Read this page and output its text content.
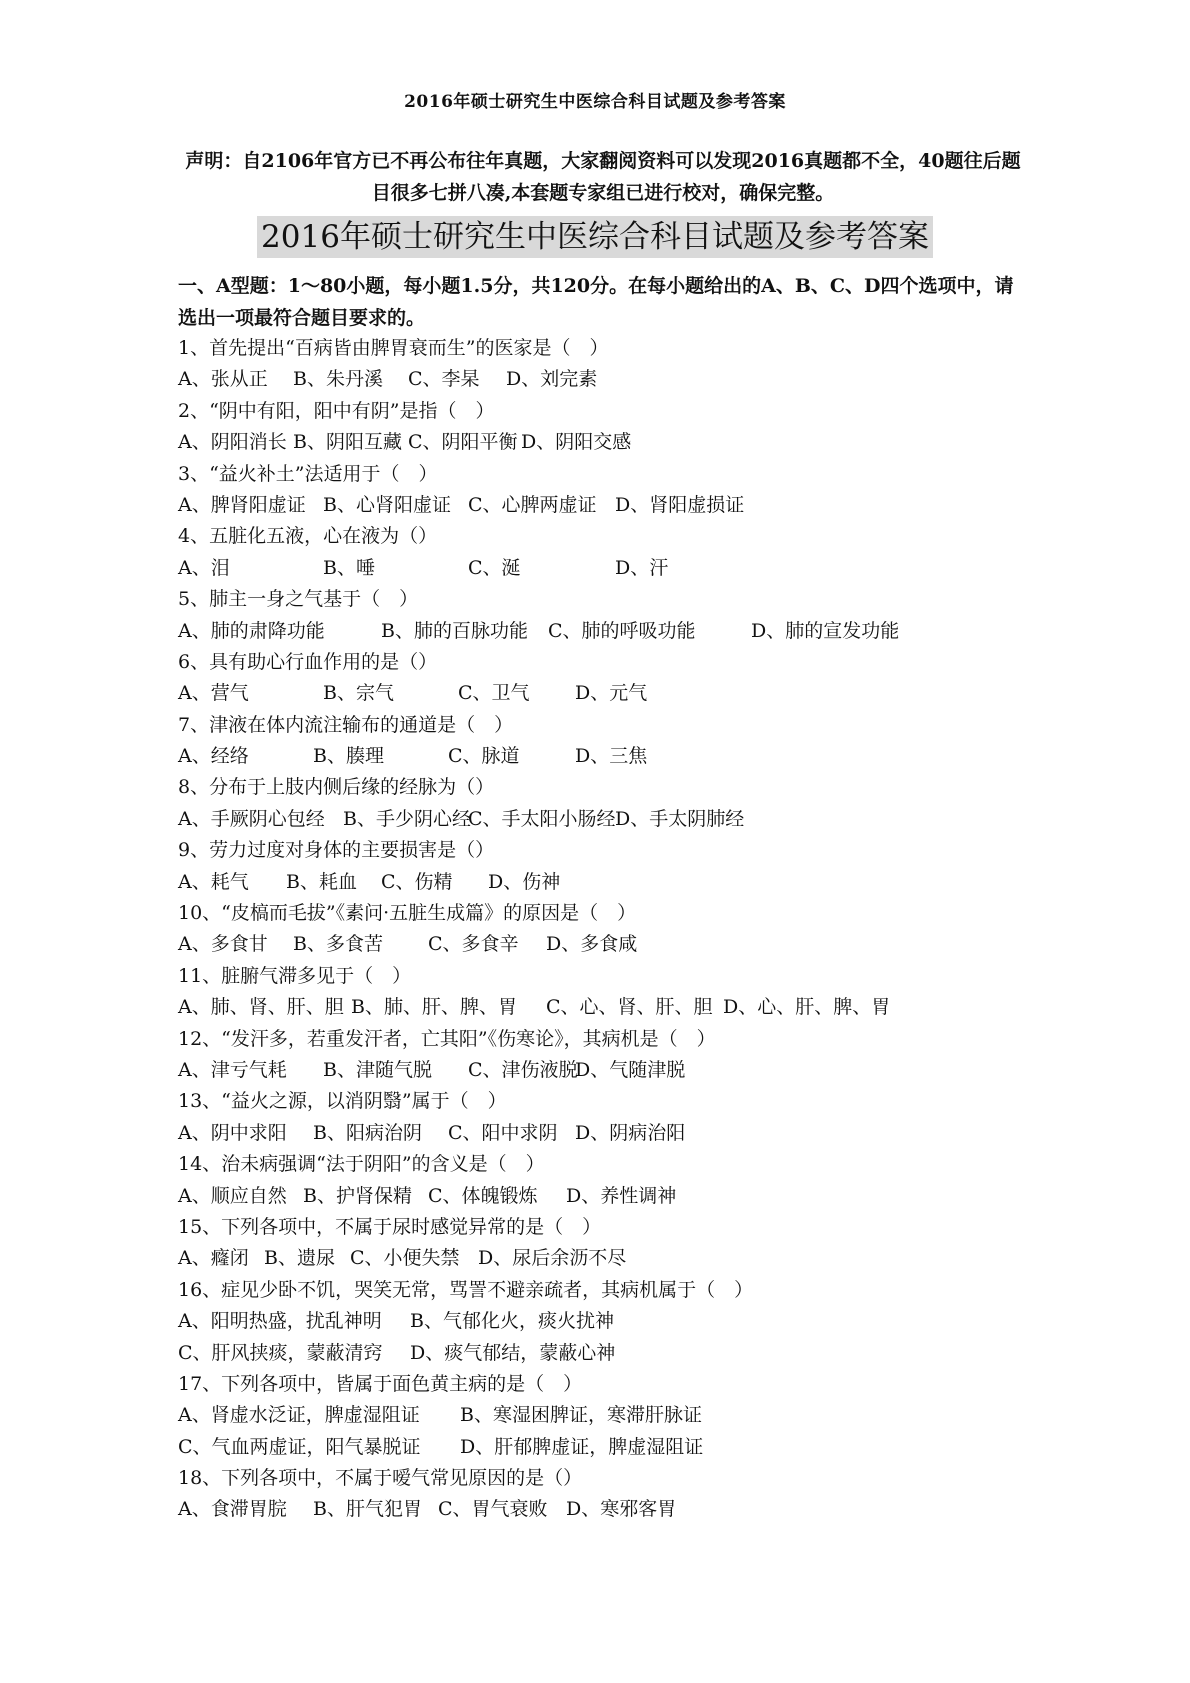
2016年硕士研究生中医综合科目试题及参考答案
声明：自2106年官方已不再公布往年真题，大家翻阅资料可以发现2016真题都不全，40题往后题目很多七拼八凑,本套题专家组已进行校对，确保完整。
2016年硕士研究生中医综合科目试题及参考答案
一、A型题：1～80小题，每小题1.5分，共120分。在每小题给出的A、B、C、D四个选项中，请选出一项最符合题目要求的。
1、首先提出“百病皆由脾胃衰而生”的医家是（　）
A、张从正 B、朱丹溪 C、李杲 D、刘完素
2、“阴中有阳，阳中有阴”是指（　）
A、阴阳消长 B、阴阳互藏 C、阴阳平衡 D、阴阳交感
3、“益火补土”法适用于（　）
A、脾肾阳虚证 B、心肾阳虚证 C、心脾两虚证 D、肾阳虚损证
4、五脏化五液，心在液为（）
A、泪	B、唾	C、涎	D、汗
5、肺主一身之气基于（　）
A、肺的肃降功能	B、肺的百脉功能 C、肺的呼吸功能	D、肺的宣发功能
6、具有助心行血作用的是（）
A、营气	B、宗气	C、卫气 D、元气
7、津液在体内流注输布的通道是（　）
A、经络	B、腠理	C、脉道	D、三焦
8、分布于上肢内侧后缘的经脉为（）
A、手厥阴心包经 B、手少阴心经
C、手太阳小肠经 D、手太阴肺经
9、劳力过度对身体的主要损害是（）
A、耗气 B、耗血 C、伤精 D、伤神
10、“皮槁而毛拔”《素问·五脏生成篇》的原因是（　）
A、多食甘 B、多食苦 C、多食辛 D、多食咸
11、脏腑气滞多见于（　）
A、肺、肾、肝、胆 B、肺、肝、脾、胃 C、心、肾、肝、胆 D、心、肝、脾、胃
12、“发汗多，若重发汗者，亡其阳”《伤寒论》，其病机是（　）
A、津亏气耗 B、津随气脱 C、津伤液脱
D、气随津脱
13、“益火之源，以消阴翳”属于（　）
A、阴中求阳 B、阳病治阴 C、阳中求阴 D、阴病治阳
14、治未病强调“法于阴阳”的含义是（　）
A、顺应自然 B、护肾保精 C、体魄锻炼 D、养性调神
15、下列各项中，不属于尿时感觉异常的是（　）
A、癃闭 B、遗尿 C、小便失禁 D、尿后余沥不尽
16、症见少卧不饥，哭笑无常，骂詈不避亲疏者，其病机属于（　）
A、阳明热盛，扰乱神明 B、气郁化火，痰火扰神
C、肝风挟痰，蒙蔽清窍 D、痰气郁结，蒙蔽心神
17、下列各项中，皆属于面色黄主病的是（　）
A、肾虚水泛证，脾虚湿阻证 B、寒湿困脾证，寒滞肝脉证
C、气血两虚证，阳气暴脱证 D、肝郁脾虚证，脾虚湿阻证
18、下列各项中，不属于嗳气常见原因的是（）
A、食滞胃脘 B、肝气犯胃 C、胃气衰败 D、寒邪客胃
